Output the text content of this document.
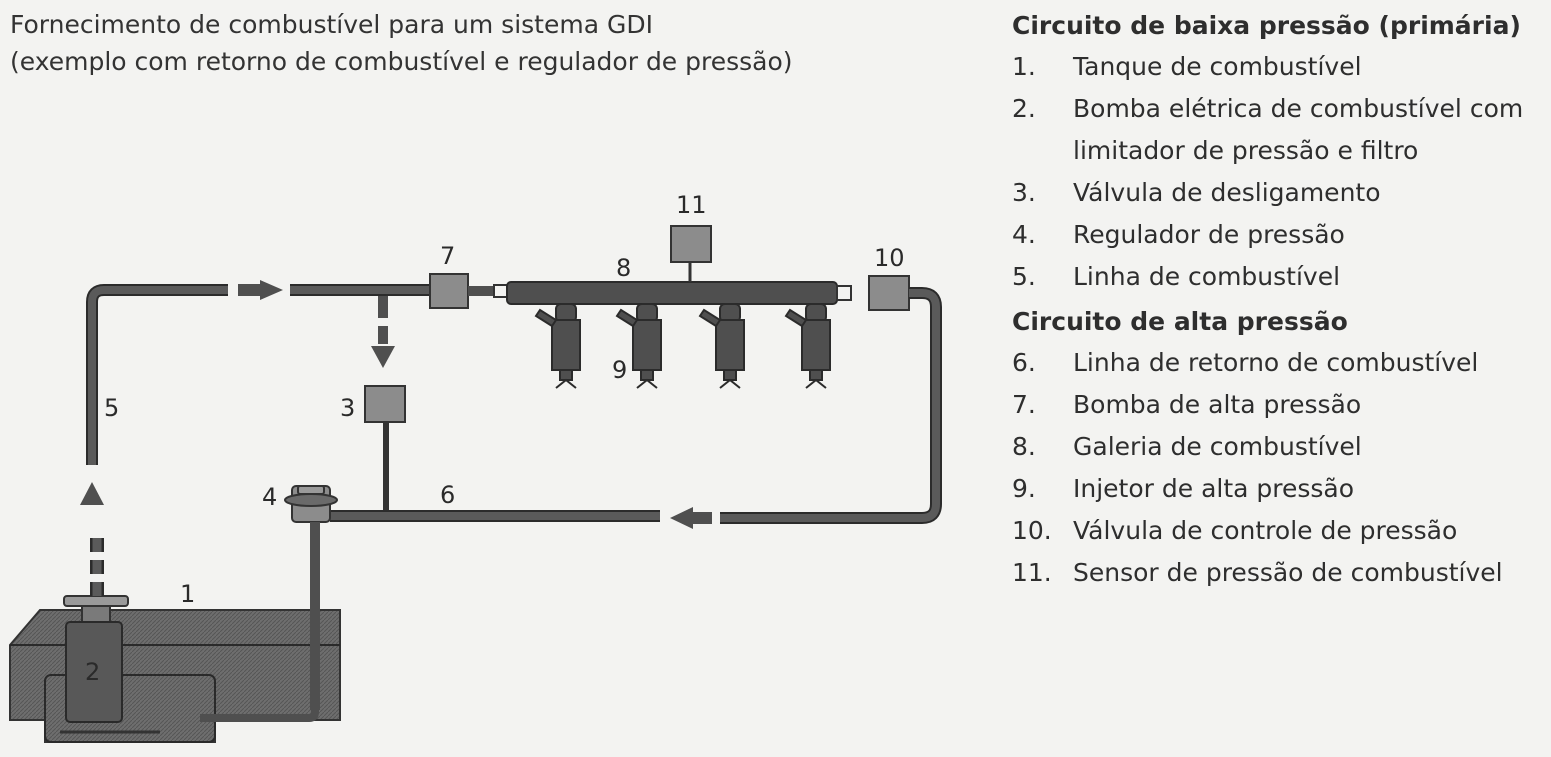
Fornecimento de combustível para um sistema GDI
(exemplo com retorno de combustível e regulador de pressão)
Circuito de baixa pressão (primária)
1.	Tanque de combustível
2.	Bomba elétrica de combustível com limitador de pressão e filtro
3.	Válvula de desligamento
4.	Regulador de pressão
5.	Linha de combustível
Circuito de alta pressão
6.	Linha de retorno de combustível
7.	Bomba de alta pressão
8.	Galeria de combustível
9.	Injetor de alta pressão
10. Válvula de controle de pressão
11. Sensor de pressão de combustível
1
2
3
4
5
6
7	8
9
10
11
